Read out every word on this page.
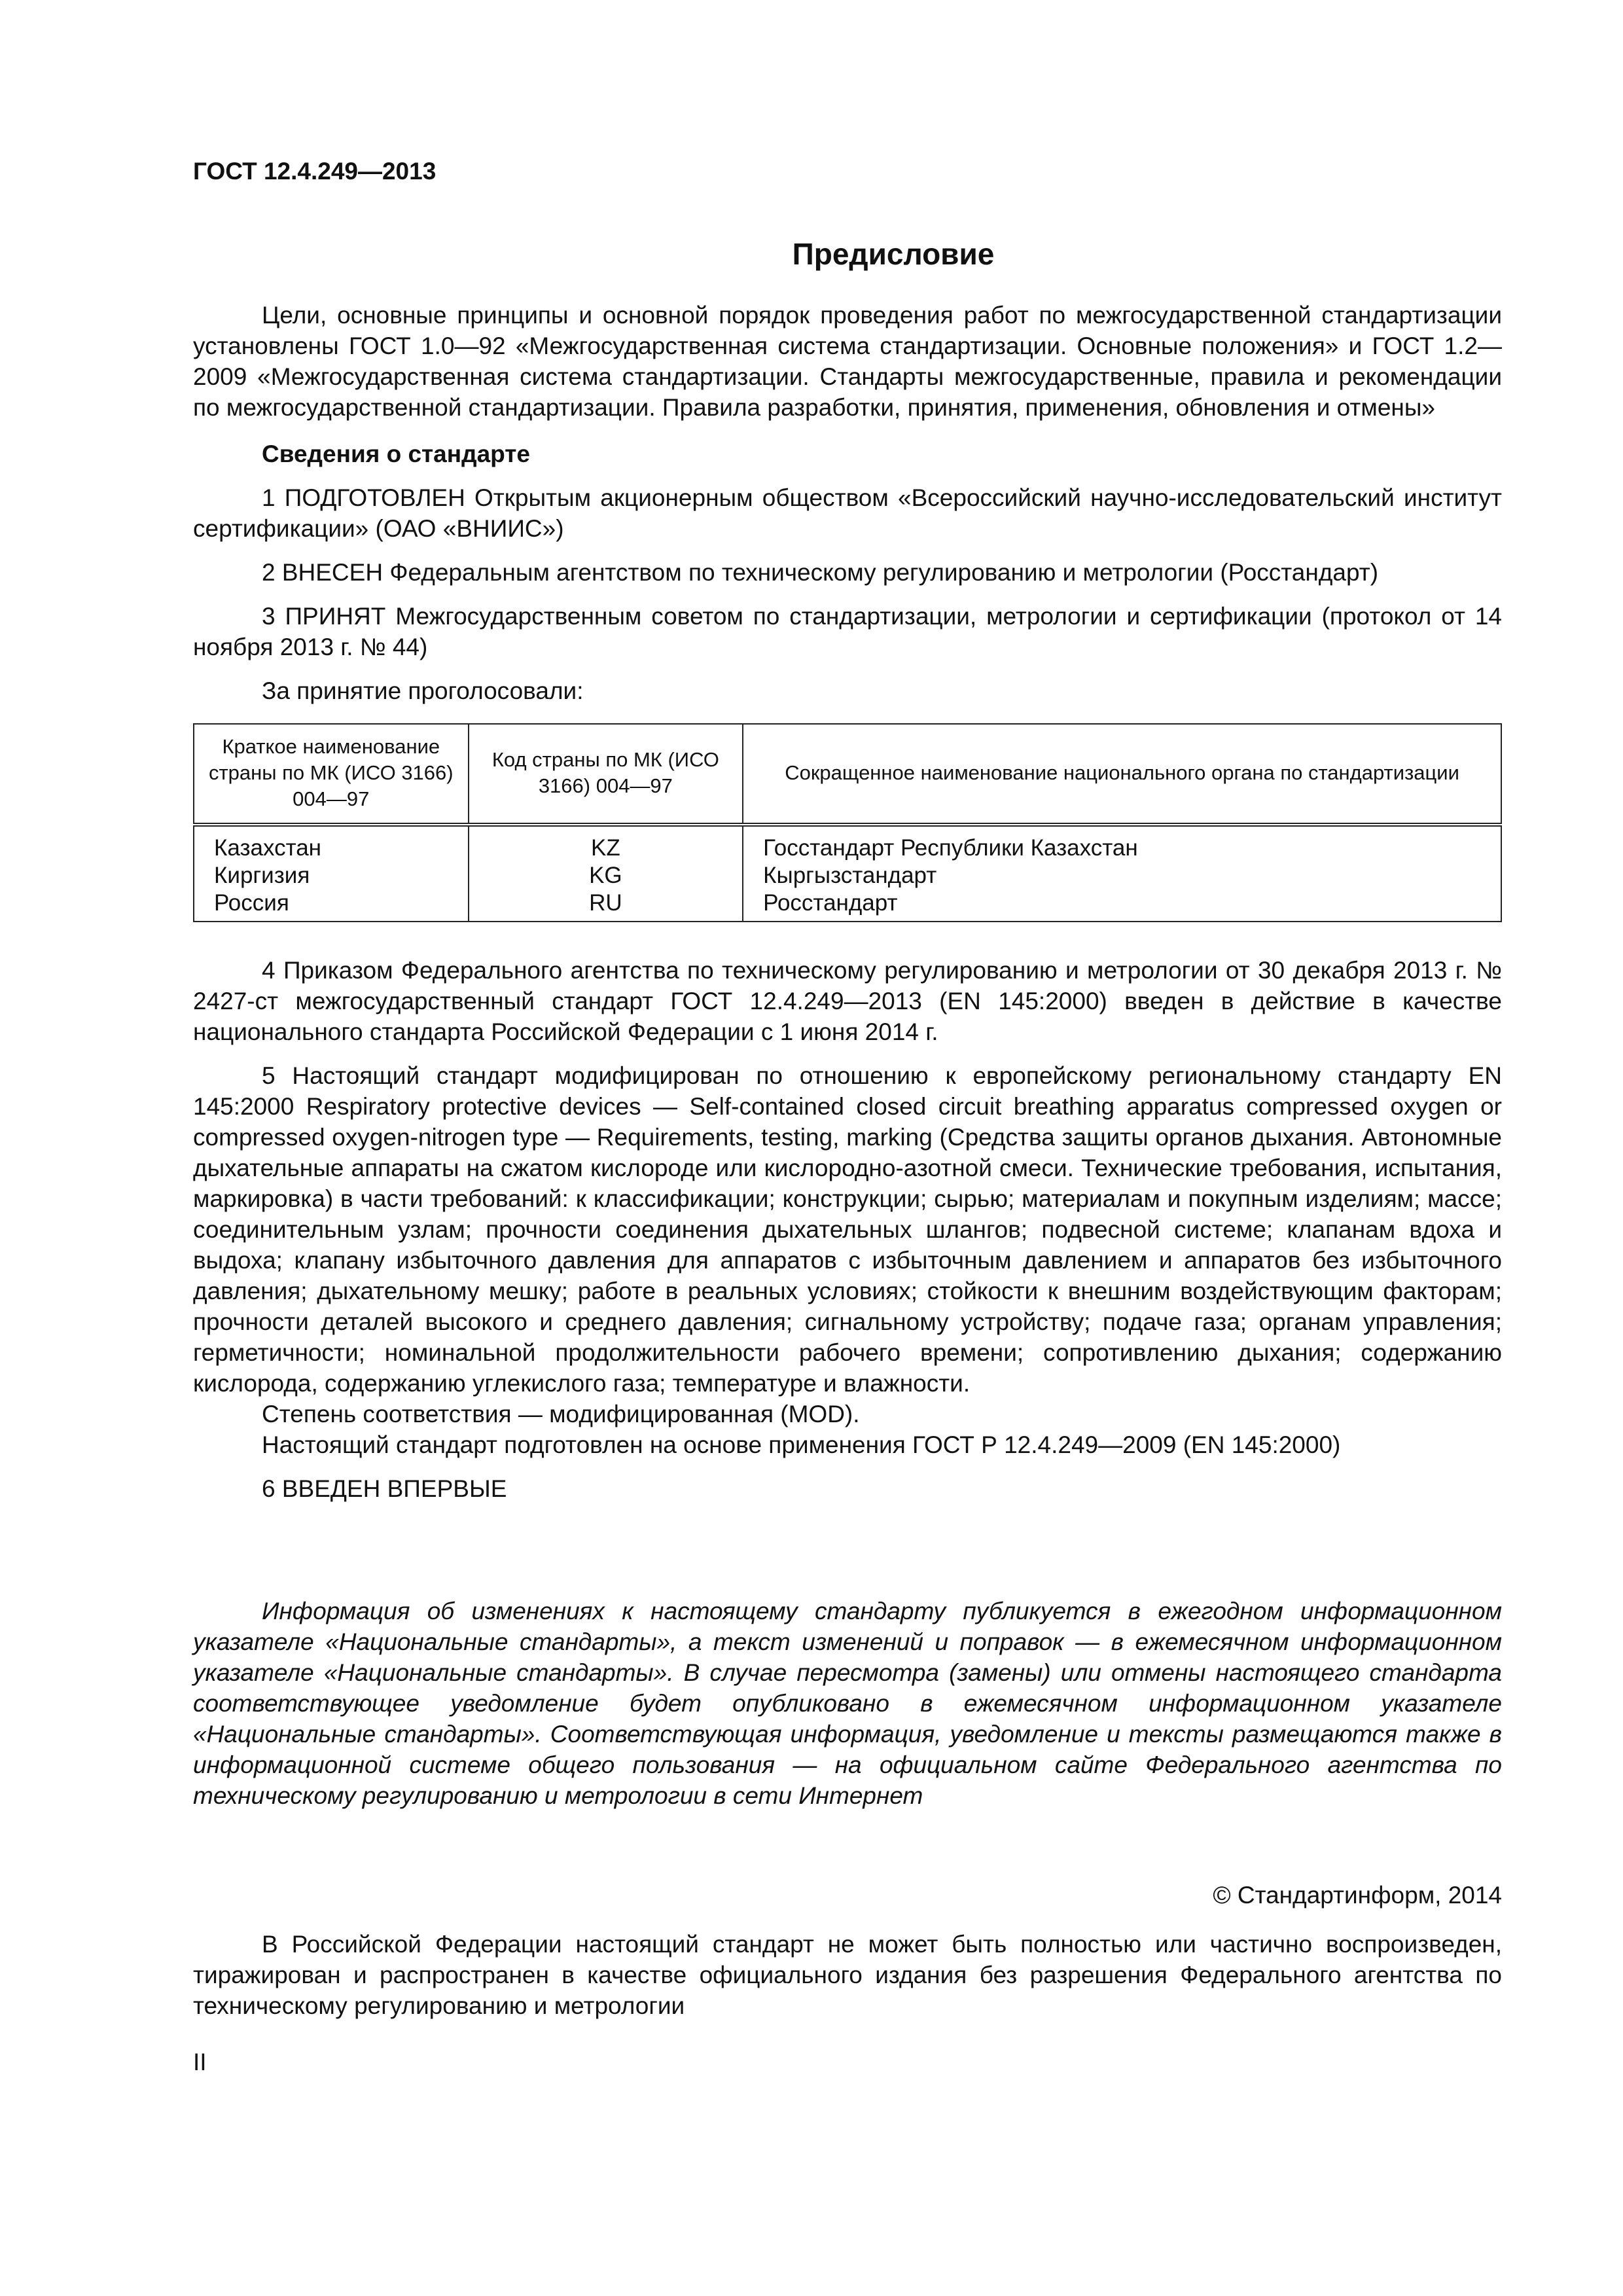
ГОСТ 12.4.249—2013
Предисловие

Цели, основные принципы и основной порядок проведения работ по межгосударственной стандартизации установлены ГОСТ 1.0—92 «Межгосударственная система стандартизации. Основные положения» и ГОСТ 1.2—2009 «Межгосударственная система стандартизации. Стандарты межгосударственные, правила и рекомендации по межгосударственной стандартизации. Правила разработки, принятия, применения, обновления и отмены»

Сведения о стандарте

1 ПОДГОТОВЛЕН Открытым акционерным обществом «Всероссийский научно-исследовательский институт сертификации» (ОАО «ВНИИС»)

2 ВНЕСЕН Федеральным агентством по техническому регулированию и метрологии (Росстандарт)

3 ПРИНЯТ Межгосударственным советом по стандартизации, метрологии и сертификации (протокол от 14 ноября 2013 г. № 44)

За принятие проголосовали:

Краткое наименование страны по МК (ИСО 3166) 004—97	Код страны по МК (ИСО 3166) 004—97	Сокращенное наименование национального органа по стандартизации

Казахстан	KZ	Госстандарт Республики Казахстан
Киргизия	KG	Кыргызстандарт
Россия	RU	Росстандарт

4 Приказом Федерального агентства по техническому регулированию и метрологии от 30 декабря 2013 г. № 2427-ст межгосударственный стандарт ГОСТ 12.4.249—2013 (EN 145:2000) введен в действие в качестве национального стандарта Российской Федерации с 1 июня 2014 г.

5 Настоящий стандарт модифицирован по отношению к европейскому региональному стандарту EN 145:2000 Respiratory protective devices — Self-contained closed circuit breathing apparatus compressed oxygen or compressed oxygen-nitrogen type — Requirements, testing, marking (Средства защиты органов дыхания. Автономные дыхательные аппараты на сжатом кислороде или кислородно-азотной смеси. Технические требования, испытания, маркировка) в части требований: к классификации; конструкции; сырью; материалам и покупным изделиям; массе; соединительным узлам; прочности соединения дыхательных шлангов; подвесной системе; клапанам вдоха и выдоха; клапану избыточного давления для аппаратов с избыточным давлением и аппаратов без избыточного давления; дыхательному мешку; работе в реальных условиях; стойкости к внешним воздействующим факторам; прочности деталей высокого и среднего давления; сигнальному устройству; подаче газа; органам управления; герметичности; номинальной продолжительности рабочего времени; сопротивлению дыхания; содержанию кислорода, содержанию углекислого газа; температуре и влажности.

Степень соответствия — модифицированная (MOD).

Настоящий стандарт подготовлен на основе применения ГОСТ Р 12.4.249—2009 (EN 145:2000)

6 ВВЕДЕН ВПЕРВЫЕ

Информация об изменениях к настоящему стандарту публикуется в ежегодном информационном указателе «Национальные стандарты», а текст изменений и поправок — в ежемесячном информационном указателе «Национальные стандарты». В случае пересмотра (замены) или отмены настоящего стандарта соответствующее уведомление будет опубликовано в ежемесячном информационном указателе «Национальные стандарты». Соответствующая информация, уведомление и тексты размещаются также в информационной системе общего пользования — на официальном сайте Федерального агентства по техническому регулированию и метрологии в сети Интернет

© Стандартинформ, 2014

В Российской Федерации настоящий стандарт не может быть полностью или частично воспроизведен, тиражирован и распространен в качестве официального издания без разрешения Федерального агентства по техническому регулированию и метрологии

II
